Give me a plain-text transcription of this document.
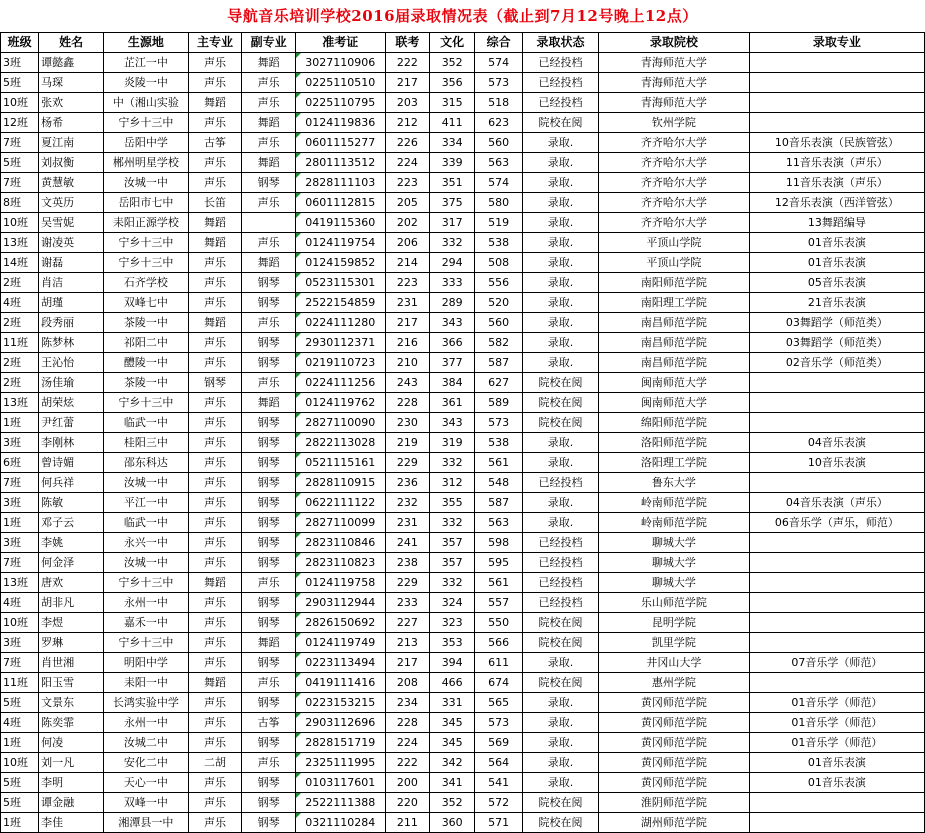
导航音乐培训学校2016届录取情况表（截止到7月12号晚上12点）
班级	姓名	生源地	主专业	副专业	准考证	联考	文化	综合	录取状态	录取院校	录取专业
3班	谭懿鑫	芷江一中	声乐	舞蹈	3027110906	222	352	574	已经投档	青海师范大学	
5班	马琛	炎陵一中	声乐	声乐	0225110510	217	356	573	已经投档	青海师范大学	
10班	张欢	中（湘山实验	舞蹈	声乐	0225110795	203	315	518	已经投档	青海师范大学	
12班	杨希	宁乡十三中	声乐	舞蹈	0124119836	212	411	623	院校在阅	钦州学院	
7班	夏江南	岳阳中学	古筝	声乐	0601115277	226	334	560	录取.	齐齐哈尔大学	10音乐表演（民族管弦）
5班	刘叔衡	郴州明星学校	声乐	舞蹈	2801113512	224	339	563	录取.	齐齐哈尔大学	11音乐表演（声乐）
7班	黄慧敏	汝城一中	声乐	钢琴	2828111103	223	351	574	录取.	齐齐哈尔大学	11音乐表演（声乐）
8班	文英历	岳阳市七中	长笛	声乐	0601112815	205	375	580	录取.	齐齐哈尔大学	12音乐表演（西洋管弦）
10班	吴雪妮	耒阳正源学校	舞蹈		0419115360	202	317	519	录取.	齐齐哈尔大学	13舞蹈编导
13班	谢凌英	宁乡十三中	舞蹈	声乐	0124119754	206	332	538	录取.	平顶山学院	01音乐表演
14班	谢磊	宁乡十三中	声乐	舞蹈	0124159852	214	294	508	录取.	平顶山学院	01音乐表演
2班	肖洁	石齐学校	声乐	钢琴	0523115301	223	333	556	录取.	南阳师范学院	05音乐表演
4班	胡瑾	双峰七中	声乐	钢琴	2522154859	231	289	520	录取.	南阳理工学院	21音乐表演
2班	段秀丽	茶陵一中	舞蹈	声乐	0224111280	217	343	560	录取.	南昌师范学院	03舞蹈学（师范类）
11班	陈梦林	祁阳二中	声乐	钢琴	2930112371	216	366	582	录取.	南昌师范学院	03舞蹈学（师范类）
2班	王沁怡	醴陵一中	声乐	钢琴	0219110723	210	377	587	录取.	南昌师范学院	02音乐学（师范类）
2班	汤佳瑜	茶陵一中	钢琴	声乐	0224111256	243	384	627	院校在阅	闽南师范大学	
13班	胡荣炫	宁乡十三中	声乐	舞蹈	0124119762	228	361	589	院校在阅	闽南师范大学	
1班	尹红蕾	临武一中	声乐	钢琴	2827110090	230	343	573	院校在阅	绵阳师范学院	
3班	李刚林	桂阳三中	声乐	钢琴	2822113028	219	319	538	录取.	洛阳师范学院	04音乐表演
6班	曾诗媚	邵东科达	声乐	钢琴	0521115161	229	332	561	录取.	洛阳理工学院	10音乐表演
7班	何兵祥	汝城一中	声乐	钢琴	2828110915	236	312	548	已经投档	鲁东大学	
3班	陈敏	平江一中	声乐	钢琴	0622111122	232	355	587	录取.	岭南师范学院	04音乐表演（声乐）
1班	邓子云	临武一中	声乐	钢琴	2827110099	231	332	563	录取.	岭南师范学院	06音乐学（声乐，师范）
3班	李姚	永兴一中	声乐	钢琴	2823110846	241	357	598	已经投档	聊城大学	
7班	何金泽	汝城一中	声乐	钢琴	2823110823	238	357	595	已经投档	聊城大学	
13班	唐欢	宁乡十三中	舞蹈	声乐	0124119758	229	332	561	已经投档	聊城大学	
4班	胡非凡	永州一中	声乐	钢琴	2903112944	233	324	557	已经投档	乐山师范学院	
10班	李煜	嘉禾一中	声乐	钢琴	2826150692	227	323	550	院校在阅	昆明学院	
3班	罗琳	宁乡十三中	声乐	舞蹈	0124119749	213	353	566	院校在阅	凯里学院	
7班	肖世湘	明阳中学	声乐	钢琴	0223113494	217	394	611	录取.	井冈山大学	07音乐学（师范）
11班	阳玉雪	耒阳一中	舞蹈	声乐	0419111416	208	466	674	院校在阅	惠州学院	
5班	文景东	长鸿实验中学	声乐	钢琴	0223153215	234	331	565	录取.	黄冈师范学院	01音乐学（师范）
4班	陈奕霏	永州一中	声乐	古筝	2903112696	228	345	573	录取.	黄冈师范学院	01音乐学（师范）
1班	何凌	汝城二中	声乐	钢琴	2828151719	224	345	569	录取.	黄冈师范学院	01音乐学（师范）
10班	刘一凡	安化二中	二胡	声乐	2325111995	222	342	564	录取.	黄冈师范学院	01音乐表演
5班	李明	天心一中	声乐	钢琴	0103117601	200	341	541	录取.	黄冈师范学院	01音乐表演
5班	谭金融	双峰一中	声乐	钢琴	2522111388	220	352	572	院校在阅	淮阴师范学院	
1班	李佳	湘潭县一中	声乐	钢琴	0321110284	211	360	571	院校在阅	湖州师范学院	
